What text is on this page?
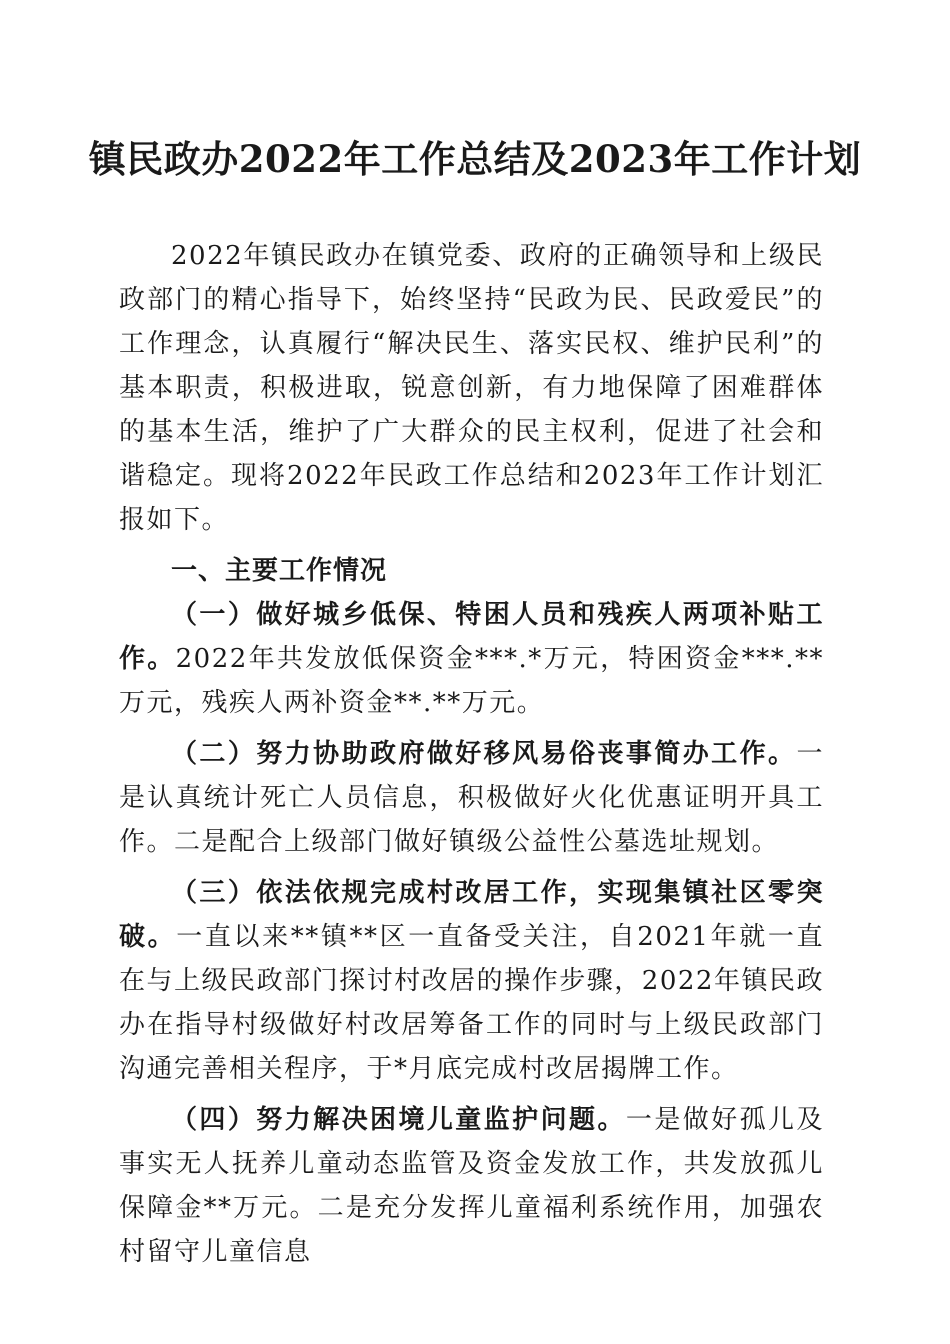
镇民政办2022年工作总结及2023年工作计划

2022年镇民政办在镇党委、政府的正确领导和上级民政部门的精心指导下，始终坚持“民政为民、民政爱民”的工作理念，认真履行“解决民生、落实民权、维护民利”的基本职责，积极进取，锐意创新，有力地保障了困难群体的基本生活，维护了广大群众的民主权利，促进了社会和谐稳定。现将2022年民政工作总结和2023年工作计划汇报如下。

一、主要工作情况

（一）做好城乡低保、特困人员和残疾人两项补贴工作。2022年共发放低保资金***.*万元，特困资金***.**万元，残疾人两补资金**.**万元。

（二）努力协助政府做好移风易俗丧事简办工作。一是认真统计死亡人员信息，积极做好火化优惠证明开具工作。二是配合上级部门做好镇级公益性公墓选址规划。

（三）依法依规完成村改居工作，实现集镇社区零突破。一直以来**镇**区一直备受关注，自2021年就一直在与上级民政部门探讨村改居的操作步骤，2022年镇民政办在指导村级做好村改居筹备工作的同时与上级民政部门沟通完善相关程序，于*月底完成村改居揭牌工作。

（四）努力解决困境儿童监护问题。一是做好孤儿及事实无人抚养儿童动态监管及资金发放工作，共发放孤儿保障金**万元。二是充分发挥儿童福利系统作用，加强农村留守儿童信息
